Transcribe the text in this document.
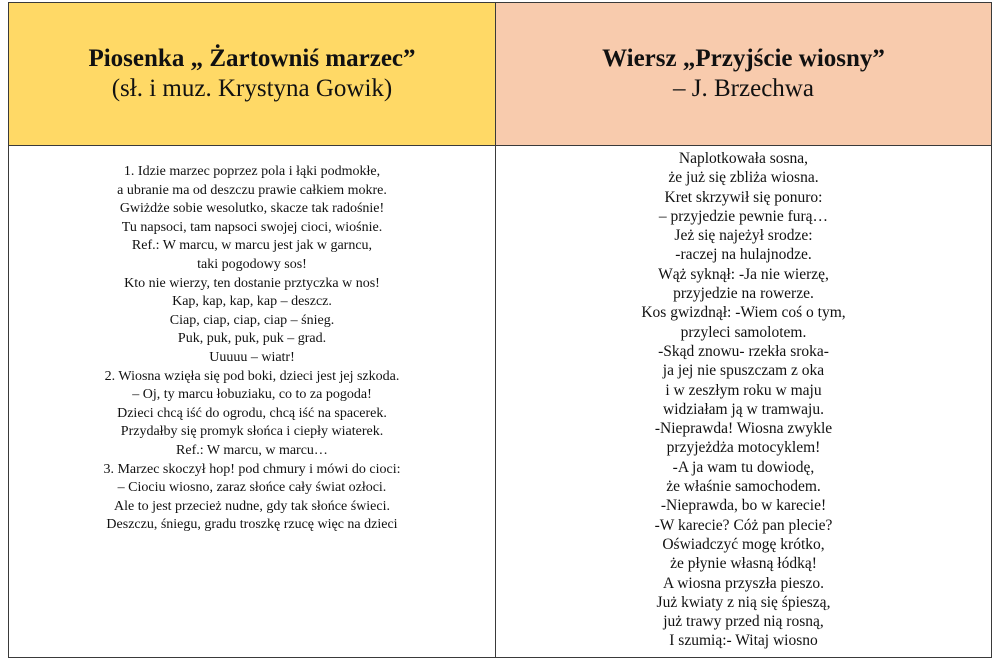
Piosenka „ Żartowniś marzec”
(sł. i muz. Krystyna Gowik)
Wiersz „Przyjście wiosny”
– J. Brzechwa
1. Idzie marzec poprzez pola i łąki podmokłe,
a ubranie ma od deszczu prawie całkiem mokre.
Gwiżdże sobie wesolutko, skacze tak radośnie!
Tu napsoci, tam napsoci swojej cioci, wiośnie.
Ref.: W marcu, w marcu jest jak w garncu,
taki pogodowy sos!
Kto nie wierzy, ten dostanie prztyczka w nos!
Kap, kap, kap, kap – deszcz.
Ciap, ciap, ciap, ciap – śnieg.
Puk, puk, puk, puk – grad.
Uuuuu – wiatr!
2. Wiosna wzięła się pod boki, dzieci jest jej szkoda.
– Oj, ty marcu łobuziaku, co to za pogoda!
Dzieci chcą iść do ogrodu, chcą iść na spacerek.
Przydałby się promyk słońca i ciepły wiaterek.
Ref.: W marcu, w marcu…
3. Marzec skoczył hop! pod chmury i mówi do cioci:
– Ciociu wiosno, zaraz słońce cały świat ozłoci.
Ale to jest przecież nudne, gdy tak słońce świeci.
Deszczu, śniegu, gradu troszkę rzucę więc na dzieci
Naplotkowała sosna,
że już się zbliża wiosna.
Kret skrzywił się ponuro:
– przyjedzie pewnie furą…
Jeż się najeżył srodze:
-raczej na hulajnodze.
Wąż syknął: -Ja nie wierzę,
przyjedzie na rowerze.
Kos gwizdnął: -Wiem coś o tym,
przyleci samolotem.
-Skąd znowu- rzekła sroka-
ja jej nie spuszczam z oka
i w zeszłym roku w maju
widziałam ją w tramwaju.
-Nieprawda! Wiosna zwykle
przyjeżdża motocyklem!
-A ja wam tu dowiodę,
że właśnie samochodem.
-Nieprawda, bo w karecie!
-W karecie? Cóż pan plecie?
Oświadczyć mogę krótko,
że płynie własną łódką!
A wiosna przyszła pieszo.
Już kwiaty z nią się śpieszą,
już trawy przed nią rosną,
I szumią:- Witaj wiosno
